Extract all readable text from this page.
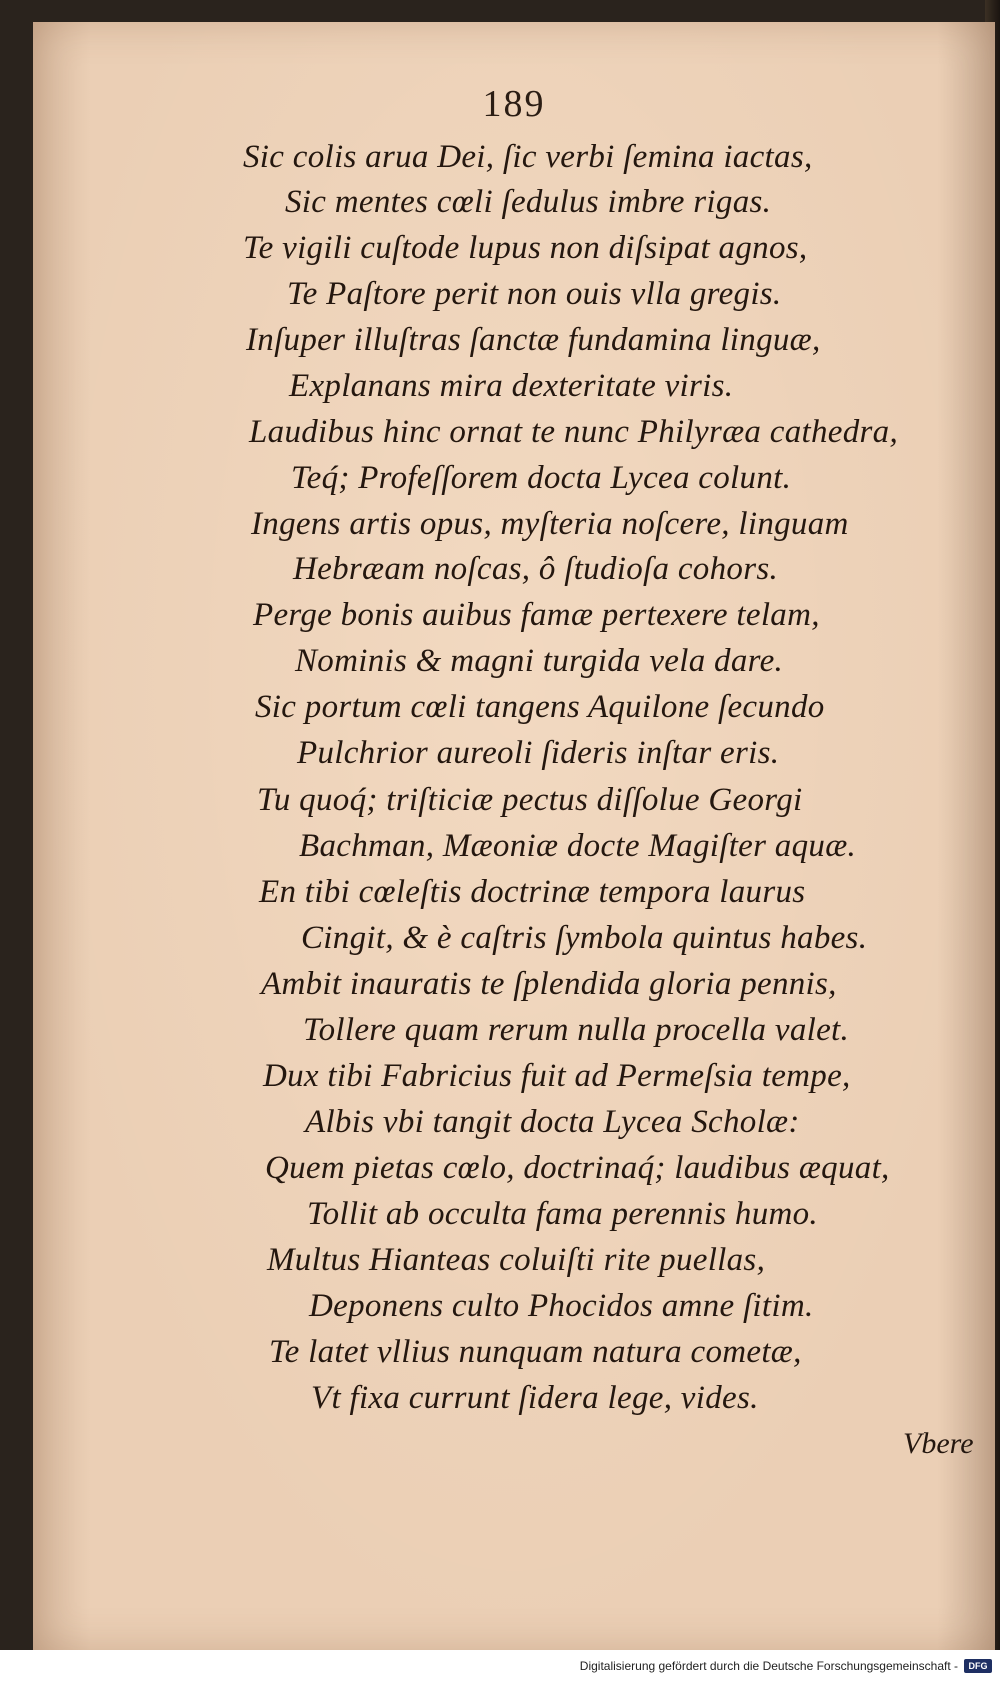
189
Sic colis arua Dei, ſic verbi ſemina iactas,
Sic mentes cœli ſedulus imbre rigas.
Te vigili cuſtode lupus non diſsipat agnos,
Te Paſtore perit non ouis vlla gregis.
Inſuper illuſtras ſanctæ fundamina linguæ,
Explanans mira dexteritate viris.
Laudibus hinc ornat te nunc Philyræa cathedra,
Teq́; Profeſſorem docta Lycea colunt.
Ingens artis opus, myſteria noſcere, linguam
Hebræam noſcas, ô ſtudioſa cohors.
Perge bonis auibus famæ pertexere telam,
Nominis & magni turgida vela dare.
Sic portum cœli tangens Aquilone ſecundo
Pulchrior aureoli ſideris inſtar eris.
Tu quoq́; triſticiæ pectus diſſolue Georgi
Bachman, Mæoniæ docte Magiſter aquæ.
En tibi cœleſtis doctrinæ tempora laurus
Cingit, & è caſtris ſymbola quintus habes.
Ambit inauratis te ſplendida gloria pennis,
Tollere quam rerum nulla procella valet.
Dux tibi Fabricius fuit ad Permeſsia tempe,
Albis vbi tangit docta Lycea Scholæ:
Quem pietas cœlo, doctrinaq́; laudibus æquat,
Tollit ab occulta fama perennis humo.
Multus Hianteas coluiſti rite puellas,
Deponens culto Phocidos amne ſitim.
Te latet vllius nunquam natura cometæ,
Vt fixa currunt ſidera lege, vides.
Vbere
Digitalisierung gefördert durch die Deutsche Forschungsgemeinschaft -	DFG
